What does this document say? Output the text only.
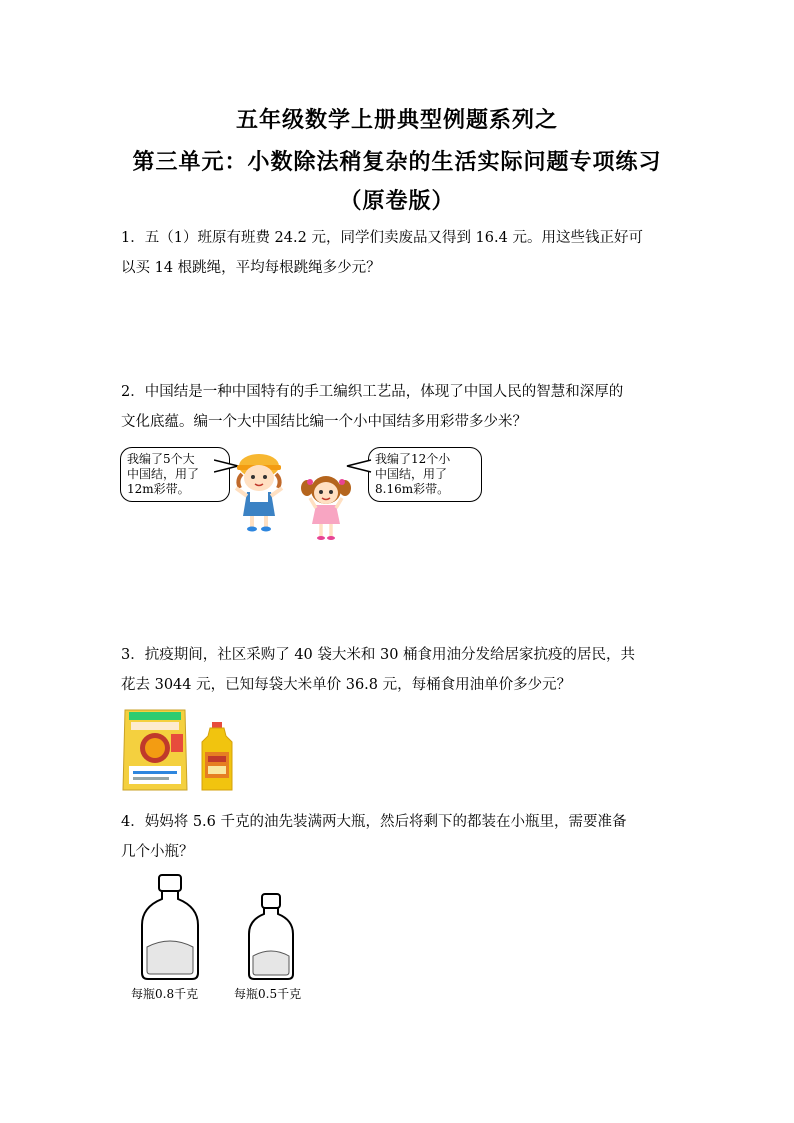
五年级数学上册典型例题系列之
第三单元：小数除法稍复杂的生活实际问题专项练习
（原卷版）
1．五（1）班原有班费 24.2 元，同学们卖废品又得到 16.4 元。用这些钱正好可
以买 14 根跳绳，平均每根跳绳多少元？
2．中国结是一种中国特有的手工编织工艺品，体现了中国人民的智慧和深厚的
文化底蕴。编一个大中国结比编一个小中国结多用彩带多少米？
我编了5个大
中国结，用了
12m彩带。
我编了12个小
中国结，用了
8.16m彩带。
3．抗疫期间，社区采购了 40 袋大米和 30 桶食用油分发给居家抗疫的居民，共
花去 3044 元，已知每袋大米单价 36.8 元，每桶食用油单价多少元？
4．妈妈将 5.6 千克的油先装满两大瓶，然后将剩下的都装在小瓶里，需要准备
几个小瓶？
每瓶0.8千克	每瓶0.5千克
